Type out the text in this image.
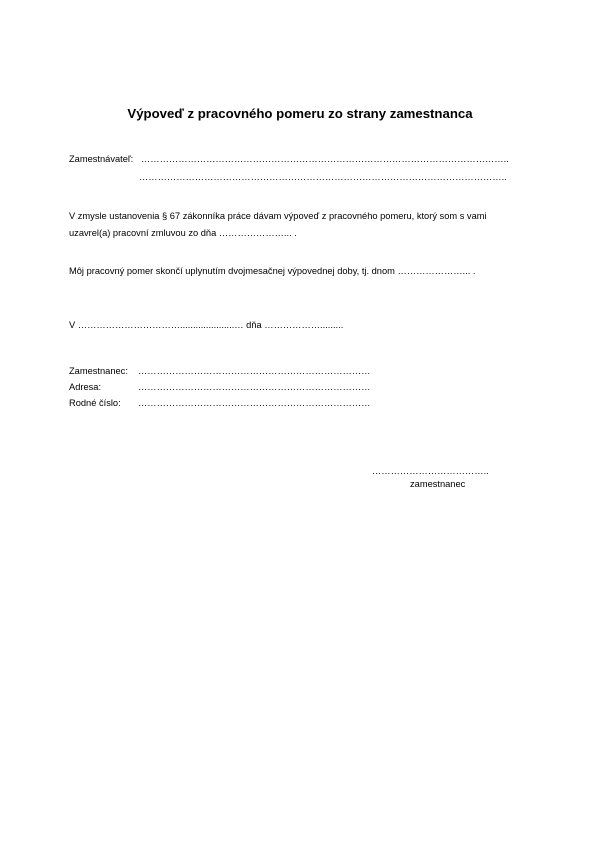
Výpoveď z pracovného pomeru zo strany zamestnanca
Zamestnávateľ: ………………………………………………………………………………………………………..
………………………………………………………………………………………………………..
V zmysle ustanovenia § 67 zákonníka práce dávam výpoveď z pracovného pomeru, ktorý som s vami
uzavrel(a) pracovní zmluvou zo dňa …………………... .
Môj pracovný pomer skončí uplynutím dvojmesačnej výpovednej doby, tj. dnom …………………... .
V …………………………….....................… dňa ……………….........
Zamestnanec: …………………………………………………………………
Adresa:	…………………………………………………………………
Rodné číslo: …………………………………………………………………
………………………………..
zamestnanec
